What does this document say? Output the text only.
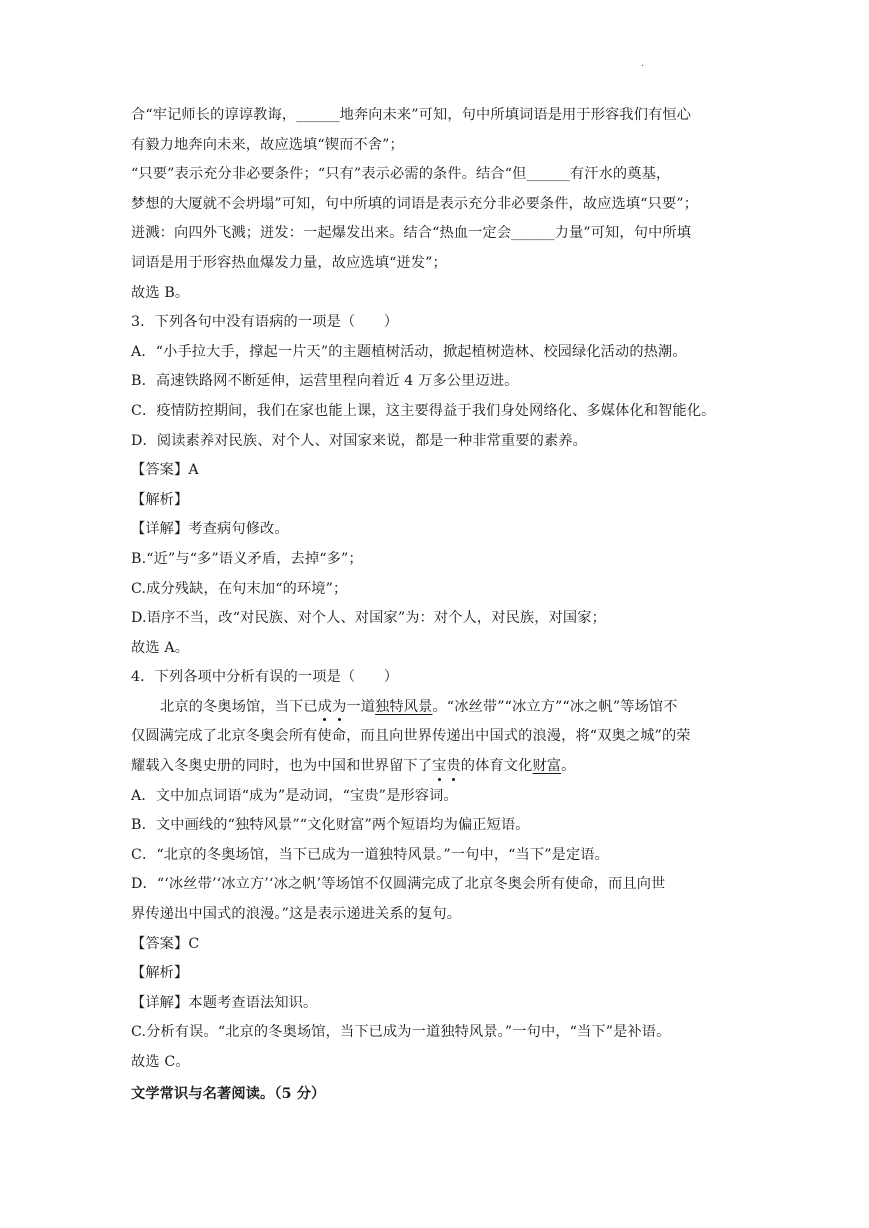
.
合“牢记师长的谆谆教诲，______地奔向未来”可知，句中所填词语是用于形容我们有恒心
有毅力地奔向未来，故应选填“锲而不舍”；
“只要”表示充分非必要条件；“只有”表示必需的条件。结合“但______有汗水的奠基，
梦想的大厦就不会坍塌”可知，句中所填的词语是表示充分非必要条件，故应选填“只要”；
迸溅：向四外飞溅；迸发：一起爆发出来。结合“热血一定会______力量”可知，句中所填
词语是用于形容热血爆发力量，故应选填“迸发”；
故选 B。
3．下列各句中没有语病的一项是（　　）
A．“小手拉大手，撑起一片天”的主题植树活动，掀起植树造林、校园绿化活动的热潮。
B．高速铁路网不断延伸，运营里程向着近 4 万多公里迈进。
C．疫情防控期间，我们在家也能上课，这主要得益于我们身处网络化、多媒体化和智能化。
D．阅读素养对民族、对个人、对国家来说，都是一种非常重要的素养。
【答案】A
【解析】
【详解】考查病句修改。
B.“近”与“多”语义矛盾，去掉“多”；
C.成分残缺，在句末加“的环境”；
D.语序不当，改“对民族、对个人、对国家”为：对个人，对民族，对国家；
故选 A。
4．下列各项中分析有误的一项是（　　）
北京的冬奥场馆，当下已成为一道独特风景。“冰丝带”“冰立方”“冰之帆”等场馆不
仅圆满完成了北京冬奥会所有使命，而且向世界传递出中国式的浪漫，将“双奥之城”的荣
耀载入冬奥史册的同时，也为中国和世界留下了宝贵的体育文化财富。
A．文中加点词语“成为”是动词，“宝贵”是形容词。
B．文中画线的“独特风景”“文化财富”两个短语均为偏正短语。
C．“北京的冬奥场馆，当下已成为一道独特风景。”一句中，“当下”是定语。
D．“‘冰丝带’‘冰立方’‘冰之帆’等场馆不仅圆满完成了北京冬奥会所有使命，而且向世
界传递出中国式的浪漫。”这是表示递进关系的复句。
【答案】C
【解析】
【详解】本题考查语法知识。
C.分析有误。“北京的冬奥场馆，当下已成为一道独特风景。”一句中，“当下”是补语。
故选 C。
文学常识与名著阅读。（5 分）
